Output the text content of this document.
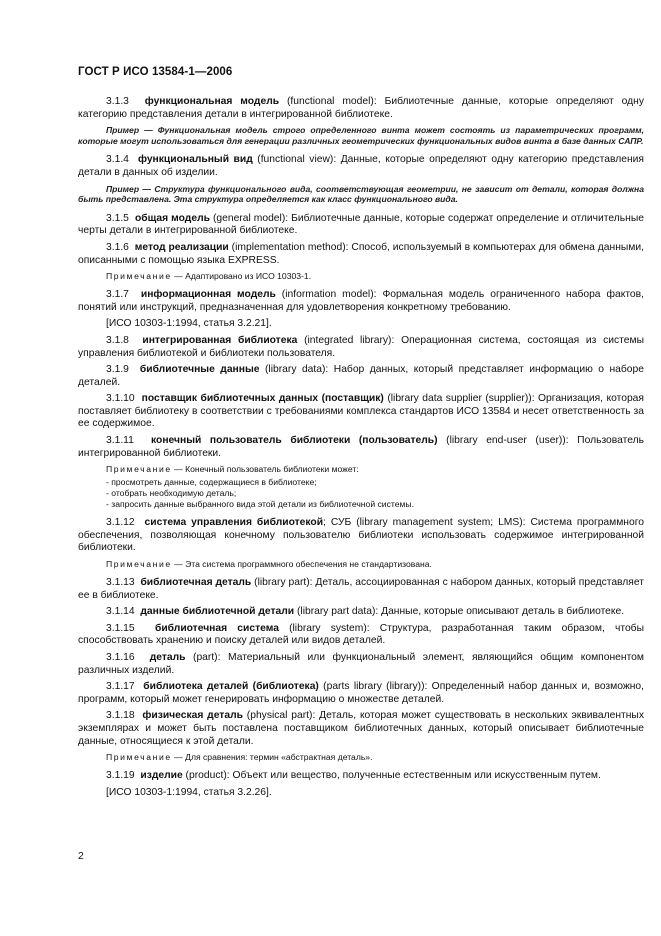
ГОСТ Р ИСО 13584-1—2006

3.1.3 функциональная модель (functional model): Библиотечные данные, которые определяют одну категорию представления детали в интегрированной библиотеке.

Пример — Функциональная модель строго определенного винта может состоять из параметрических программ, которые могут использоваться для генерации различных геометрических функциональных видов винта в базе данных САПР.

3.1.4 функциональный вид (functional view): Данные, которые определяют одну категорию представления детали в данных об изделии.

Пример — Структура функционального вида, соответствующая геометрии, не зависит от детали, которая должна быть представлена. Эта структура определяется как класс функционального вида.

3.1.5 общая модель (general model): Библиотечные данные, которые содержат определение и отличительные черты детали в интегрированной библиотеке.

3.1.6 метод реализации (implementation method): Способ, используемый в компьютерах для обмена данными, описанными с помощью языка EXPRESS.

Примечание — Адаптировано из ИСО 10303-1.

3.1.7 информационная модель (information model): Формальная модель ограниченного набора фактов, понятий или инструкций, предназначенная для удовлетворения конкретному требованию.

[ИСО 10303-1:1994, статья 3.2.21].

3.1.8 интегрированная библиотека (integrated library): Операционная система, состоящая из системы управления библиотекой и библиотеки пользователя.

3.1.9 библиотечные данные (library data): Набор данных, который представляет информацию о наборе деталей.

3.1.10 поставщик библиотечных данных (поставщик) (library data supplier (supplier)): Организация, которая поставляет библиотеку в соответствии с требованиями комплекса стандартов ИСО 13584 и несет ответственность за ее содержимое.

3.1.11 конечный пользователь библиотеки (пользователь) (library end-user (user)): Пользователь интегрированной библиотеки.

Примечание — Конечный пользователь библиотеки может:

- просмотреть данные, содержащиеся в библиотеке;
- отобрать необходимую деталь;
- запросить данные выбранного вида этой детали из библиотечной системы.

3.1.12 система управления библиотекой; СУБ (library management system; LMS): Система программного обеспечения, позволяющая конечному пользователю библиотеки использовать содержимое интегрированной библиотеки.

Примечание — Эта система программного обеспечения не стандартизована.

3.1.13 библиотечная деталь (library part): Деталь, ассоциированная с набором данных, который представляет ее в библиотеке.

3.1.14 данные библиотечной детали (library part data): Данные, которые описывают деталь в библиотеке.

3.1.15 библиотечная система (library system): Структура, разработанная таким образом, чтобы способствовать хранению и поиску деталей или видов деталей.

3.1.16 деталь (part): Материальный или функциональный элемент, являющийся общим компонентом различных изделий.

3.1.17 библиотека деталей (библиотека) (parts library (library)): Определенный набор данных и, возможно, программ, который может генерировать информацию о множестве деталей.

3.1.18 физическая деталь (physical part): Деталь, которая может существовать в нескольких эквивалентных экземплярах и может быть поставлена поставщиком библиотечных данных, который описывает библиотечные данные, относящиеся к этой детали.

Примечание — Для сравнения: термин «абстрактная деталь».

3.1.19 изделие (product): Объект или вещество, полученные естественным или искусственным путем.

[ИСО 10303-1:1994, статья 3.2.26].

2
